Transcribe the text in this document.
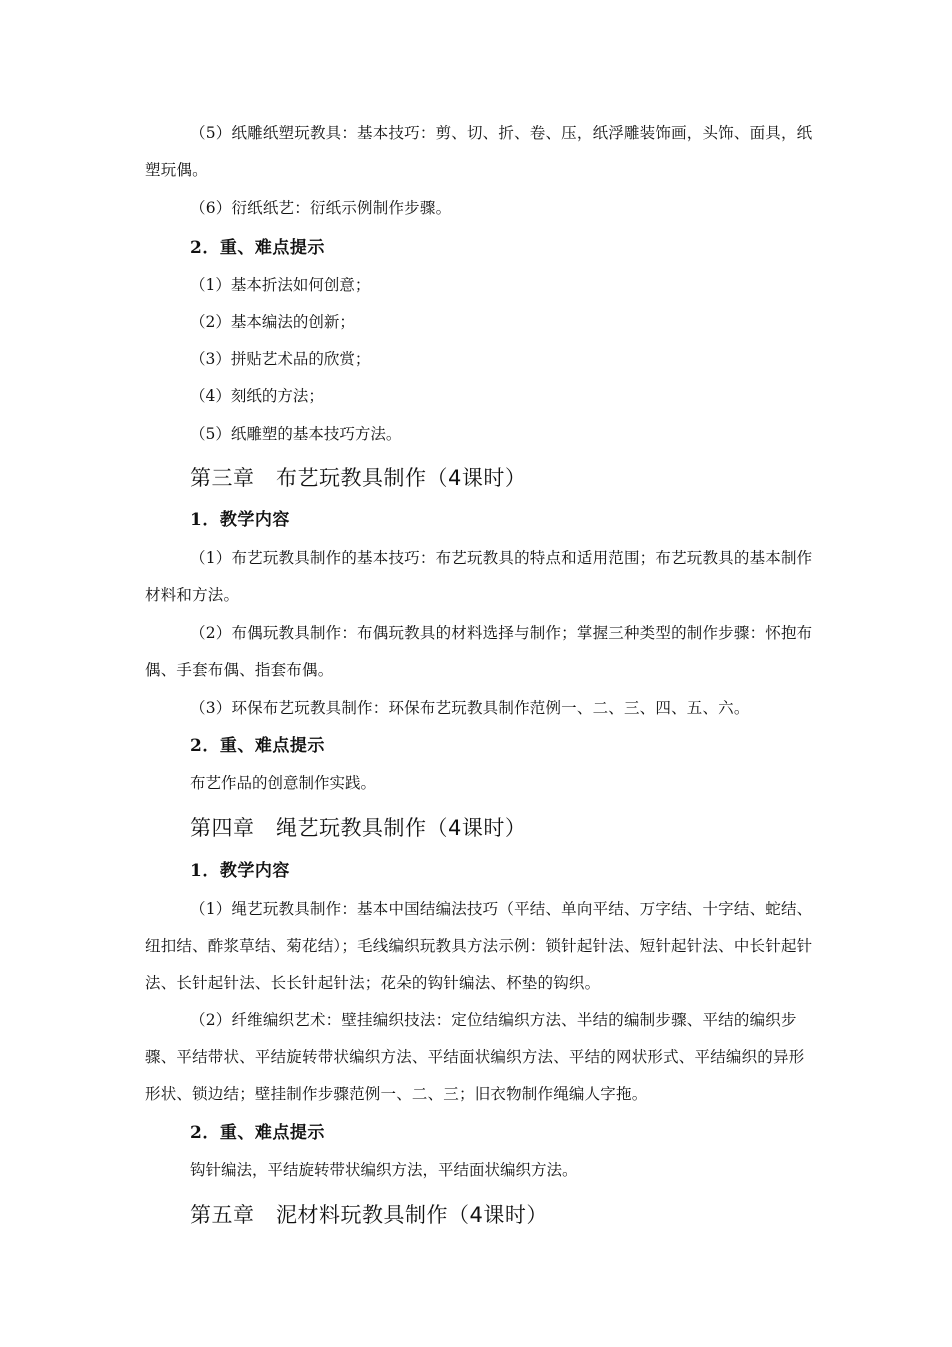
（5）纸雕纸塑玩教具：基本技巧：剪、切、折、卷、压，纸浮雕装饰画，头饰、面具，纸塑玩偶。

（6）衍纸纸艺：衍纸示例制作步骤。

2．重、难点提示
（1）基本折法如何创意；
（2）基本编法的创新；
（3）拼贴艺术品的欣赏；
（4）刻纸的方法；
（5）纸雕塑的基本技巧方法。
第三章　布艺玩教具制作（4课时）
1．教学内容

（1）布艺玩教具制作的基本技巧：布艺玩教具的特点和适用范围；布艺玩教具的基本制作材料和方法。

（2）布偶玩教具制作：布偶玩教具的材料选择与制作；掌握三种类型的制作步骤：怀抱布偶、手套布偶、指套布偶。

（3）环保布艺玩教具制作：环保布艺玩教具制作范例一、二、三、四、五、六。

2．重、难点提示
布艺作品的创意制作实践。
第四章　绳艺玩教具制作（4课时）
1．教学内容

（1）绳艺玩教具制作：基本中国结编法技巧（平结、单向平结、万字结、十字结、蛇结、纽扣结、酢浆草结、菊花结）；毛线编织玩教具方法示例：锁针起针法、短针起针法、中长针起针法、长针起针法、长长针起针法；花朵的钩针编法、杯垫的钩织。

（2）纤维编织艺术：壁挂编织技法：定位结编织方法、半结的编制步骤、平结的编织步骤、平结带状、平结旋转带状编织方法、平结面状编织方法、平结的网状形式、平结编织的异形形状、锁边结；壁挂制作步骤范例一、二、三；旧衣物制作绳编人字拖。

2．重、难点提示
钩针编法，平结旋转带状编织方法，平结面状编织方法。
第五章　泥材料玩教具制作（4课时）
